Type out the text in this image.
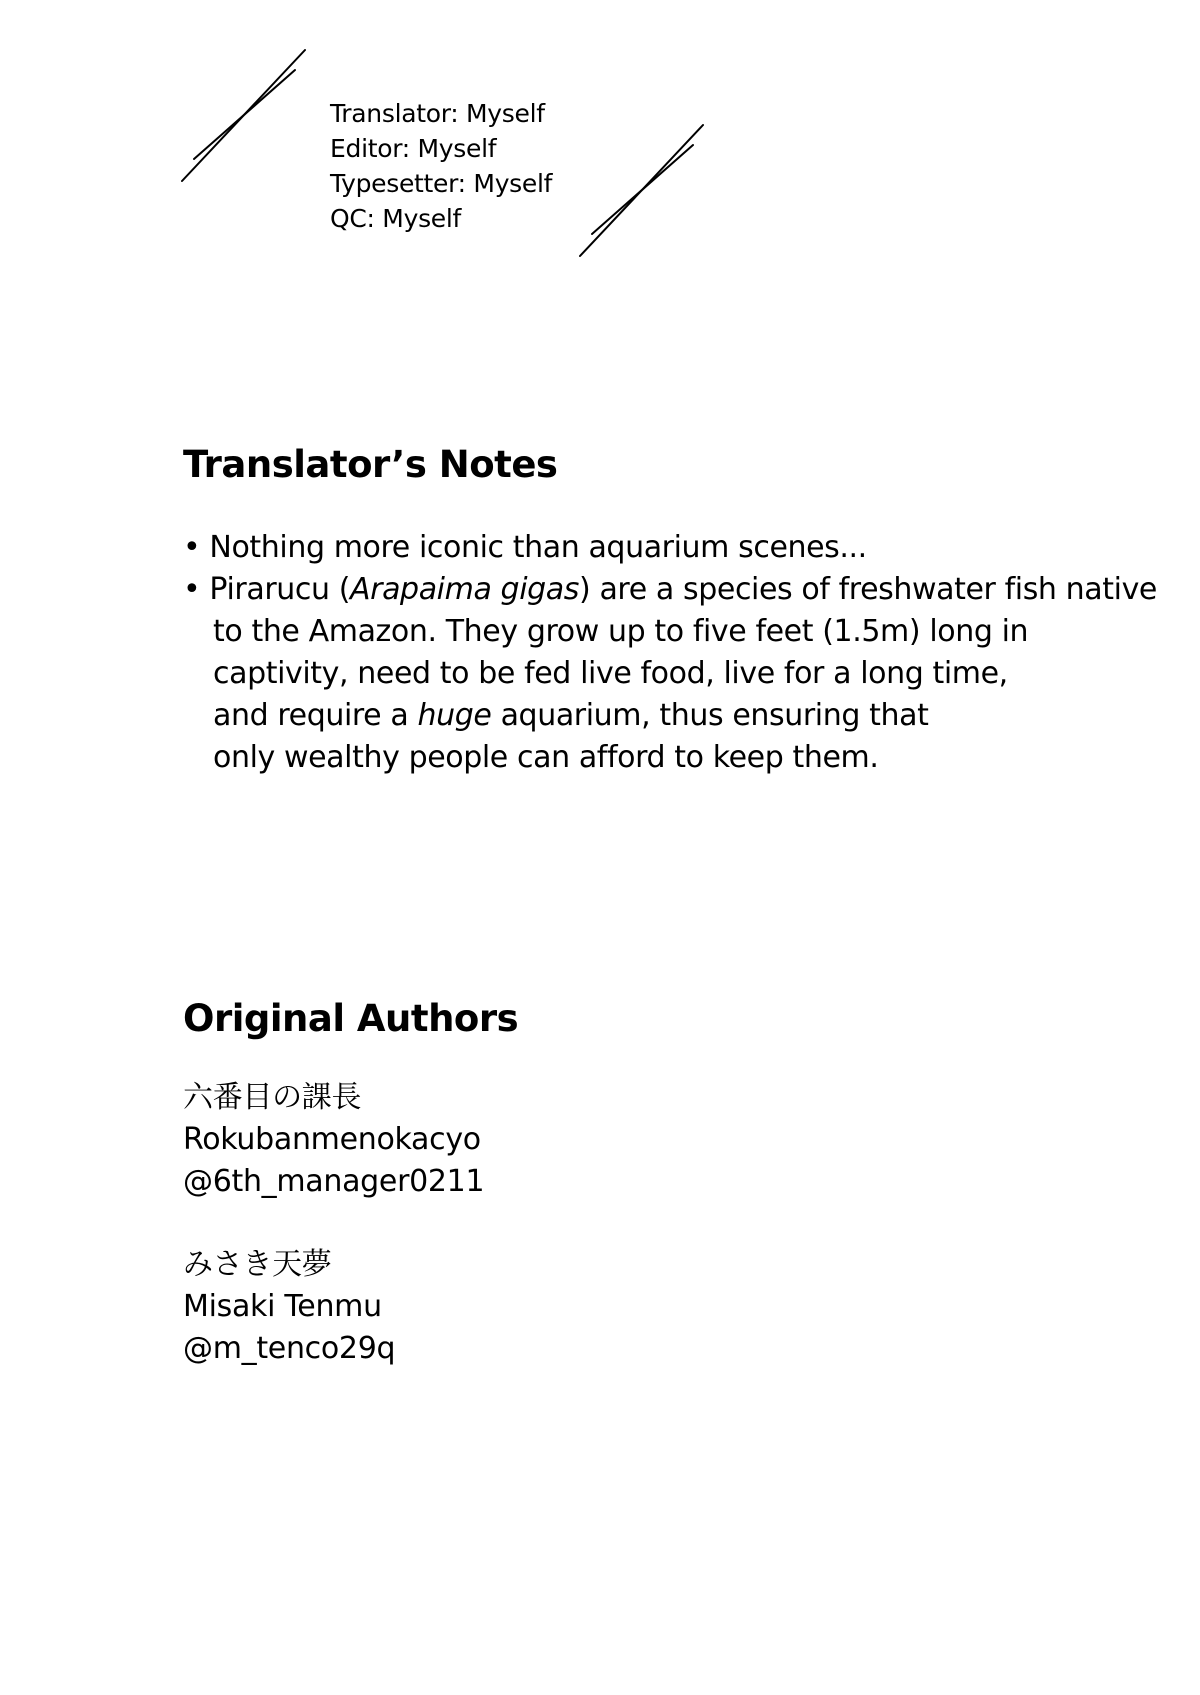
Translator: Myself
Editor: Myself
Typesetter: Myself
QC: Myself
Translator’s Notes
• Nothing more iconic than aquarium scenes...
• Pirarucu (Arapaima gigas) are a species of freshwater fish native
to the Amazon. They grow up to five feet (1.5m) long in
captivity, need to be fed live food, live for a long time,
and require a huge aquarium, thus ensuring that
only wealthy people can afford to keep them.
Original Authors
六番目の課長
Rokubanmenokacyo
@6th_manager0211
みさき天夢
Misaki Tenmu
@m_tenco29q
